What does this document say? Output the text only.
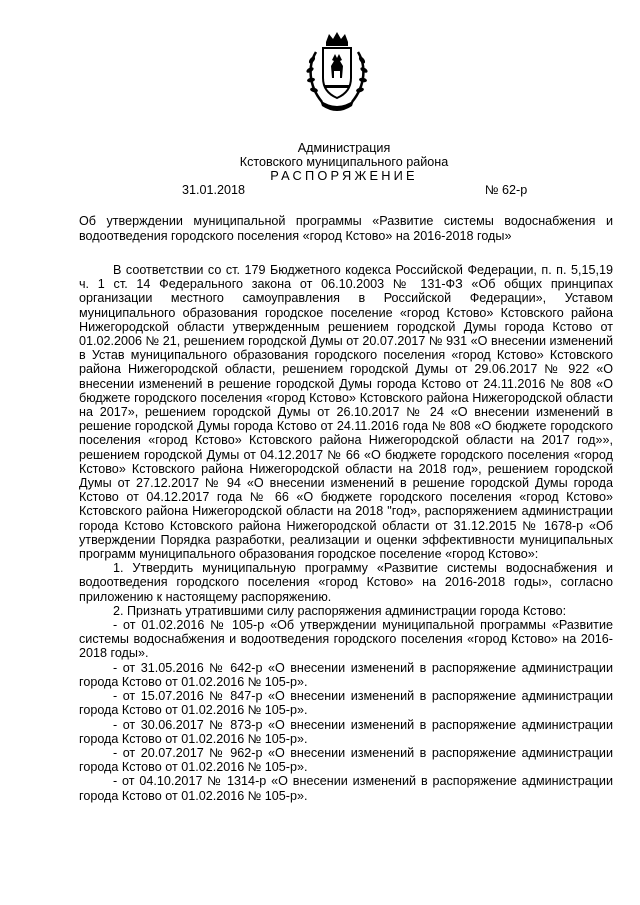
Администрация
Кстовского муниципального района
РАСПОРЯЖЕНИЕ
31.01.2018	№ 62-р
Об утверждении муниципальной программы «Развитие системы водоснабжения и водоотведения городского поселения «город Кстово» на 2016-2018 годы»

В соответствии со ст. 179 Бюджетного кодекса Российской Федерации, п. п. 5,15,19 ч. 1 ст. 14 Федерального закона от 06.10.2003 № 131-ФЗ «Об общих принципах организации местного самоуправления в Российской Федерации», Уставом муниципального образования городское поселение «город Кстово» Кстовского района Нижегородской области утвержденным решением городской Думы города Кстово от 01.02.2006 № 21, решением городской Думы от 20.07.2017 № 931 «О внесении изменений в Устав муниципального образования городского поселения «город Кстово» Кстовского района Нижегородской области, решением городской Думы от 29.06.2017 № 922 «О внесении изменений в решение городской Думы города Кстово от 24.11.2016 № 808 «О бюджете городского поселения «город Кстово» Кстовского района Нижегородской области на 2017», решением городской Думы от 26.10.2017 № 24 «О внесении изменений в решение городской Думы города Кстово от 24.11.2016 года № 808 «О бюджете городского поселения «город Кстово» Кстовского района Нижегородской области на 2017 год»», решением городской Думы от 04.12.2017 № 66 «О бюджете городского поселения «город Кстово» Кстовского района Нижегородской области на 2018 год», решением городской Думы от 27.12.2017 № 94 «О внесении изменений в решение городской Думы города Кстово от 04.12.2017 года № 66 «О бюджете городского поселения «город Кстово» Кстовского района Нижегородской области на 2018 "год», распоряжением администрации города Кстово Кстовского района Нижегородской области от 31.12.2015 № 1678-р «Об утверждении Порядка разработки, реализации и оценки эффективности муниципальных программ муниципального образования городское поселение «город Кстово»:

1. Утвердить муниципальную программу «Развитие системы водоснабжения и водоотведения городского поселения «город Кстово» на 2016-2018 годы», согласно приложению к настоящему распоряжению.

2. Признать утратившими силу распоряжения администрации города Кстово:

- от 01.02.2016 № 105-р «Об утверждении муниципальной программы «Развитие системы водоснабжения и водоотведения городского поселения «город Кстово» на 2016-2018 годы».

- от 31.05.2016 № 642-р «О внесении изменений в распоряжение администрации города Кстово от 01.02.2016 № 105-р».

- от 15.07.2016 № 847-р «О внесении изменений в распоряжение администрации города Кстово от 01.02.2016 № 105-р».

- от 30.06.2017 № 873-р «О внесении изменений в распоряжение администрации города Кстово от 01.02.2016 № 105-р».

- от 20.07.2017 № 962-р «О внесении изменений в распоряжение администрации города Кстово от 01.02.2016 № 105-р».

- от 04.10.2017 № 1314-р «О внесении изменений в распоряжение администрации города Кстово от 01.02.2016 № 105-р».
